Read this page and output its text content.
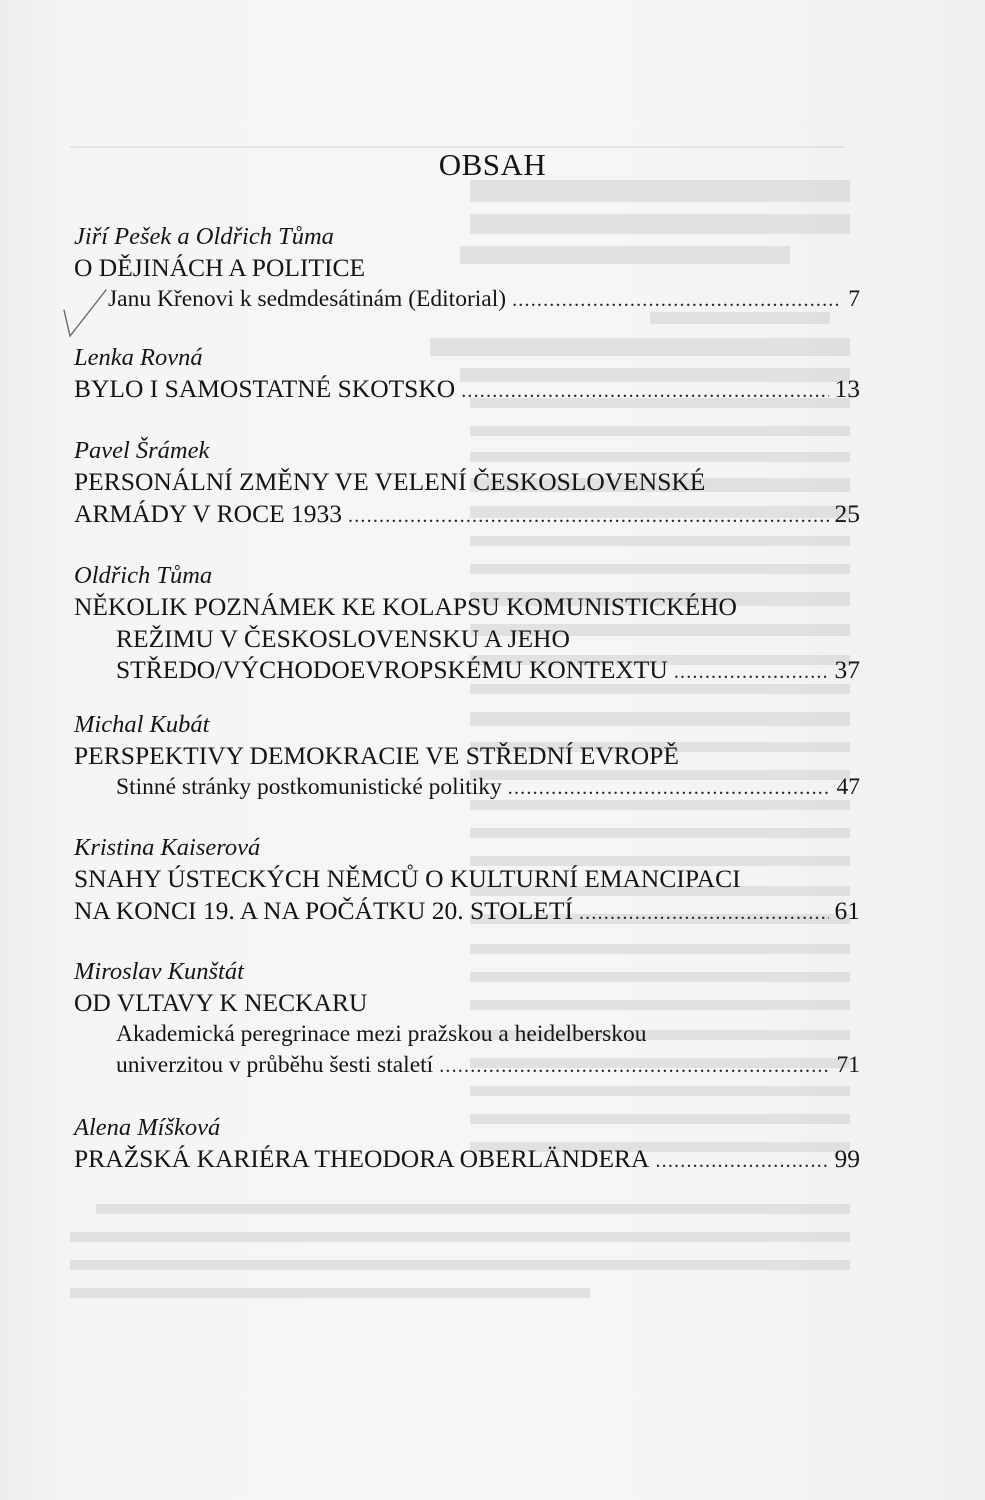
OBSAH
Jiří Pešek a Oldřich Tůma
O DĚJINÁCH A POLITICE
Janu Křenovi k sedmdesátinám (Editorial) . . .	7
Lenka Rovná
BYLO I SAMOSTATNÉ SKOTSKO . . .	13
Pavel Šrámek
PERSONÁLNÍ ZMĚNY VE VELENÍ ČESKOSLOVENSKÉ
ARMÁDY V ROCE 1933 . . .	25
Oldřich Tůma
NĚKOLIK POZNÁMEK KE KOLAPSU KOMUNISTICKÉHO
REŽIMU V ČESKOSLOVENSKU A JEHO
STŘEDO/VÝCHODOEVROPSKÉMU KONTEXTU . . .	37
Michal Kubát
PERSPEKTIVY DEMOKRACIE VE STŘEDNÍ EVROPĚ
Stinné stránky postkomunistické politiky . . .	47
Kristina Kaiserová
SNAHY ÚSTECKÝCH NĚMCŮ O KULTURNÍ EMANCIPACI
NA KONCI 19. A NA POČÁTKU 20. STOLETÍ . . .	61
Miroslav Kunštát
OD VLTAVY K NECKARU
Akademická peregrinace mezi pražskou a heidelberskou
univerzitou v průběhu šesti staletí . . .	71
Alena Míšková
PRAŽSKÁ KARIÉRA THEODORA OBERLÄNDERA . . .	99
